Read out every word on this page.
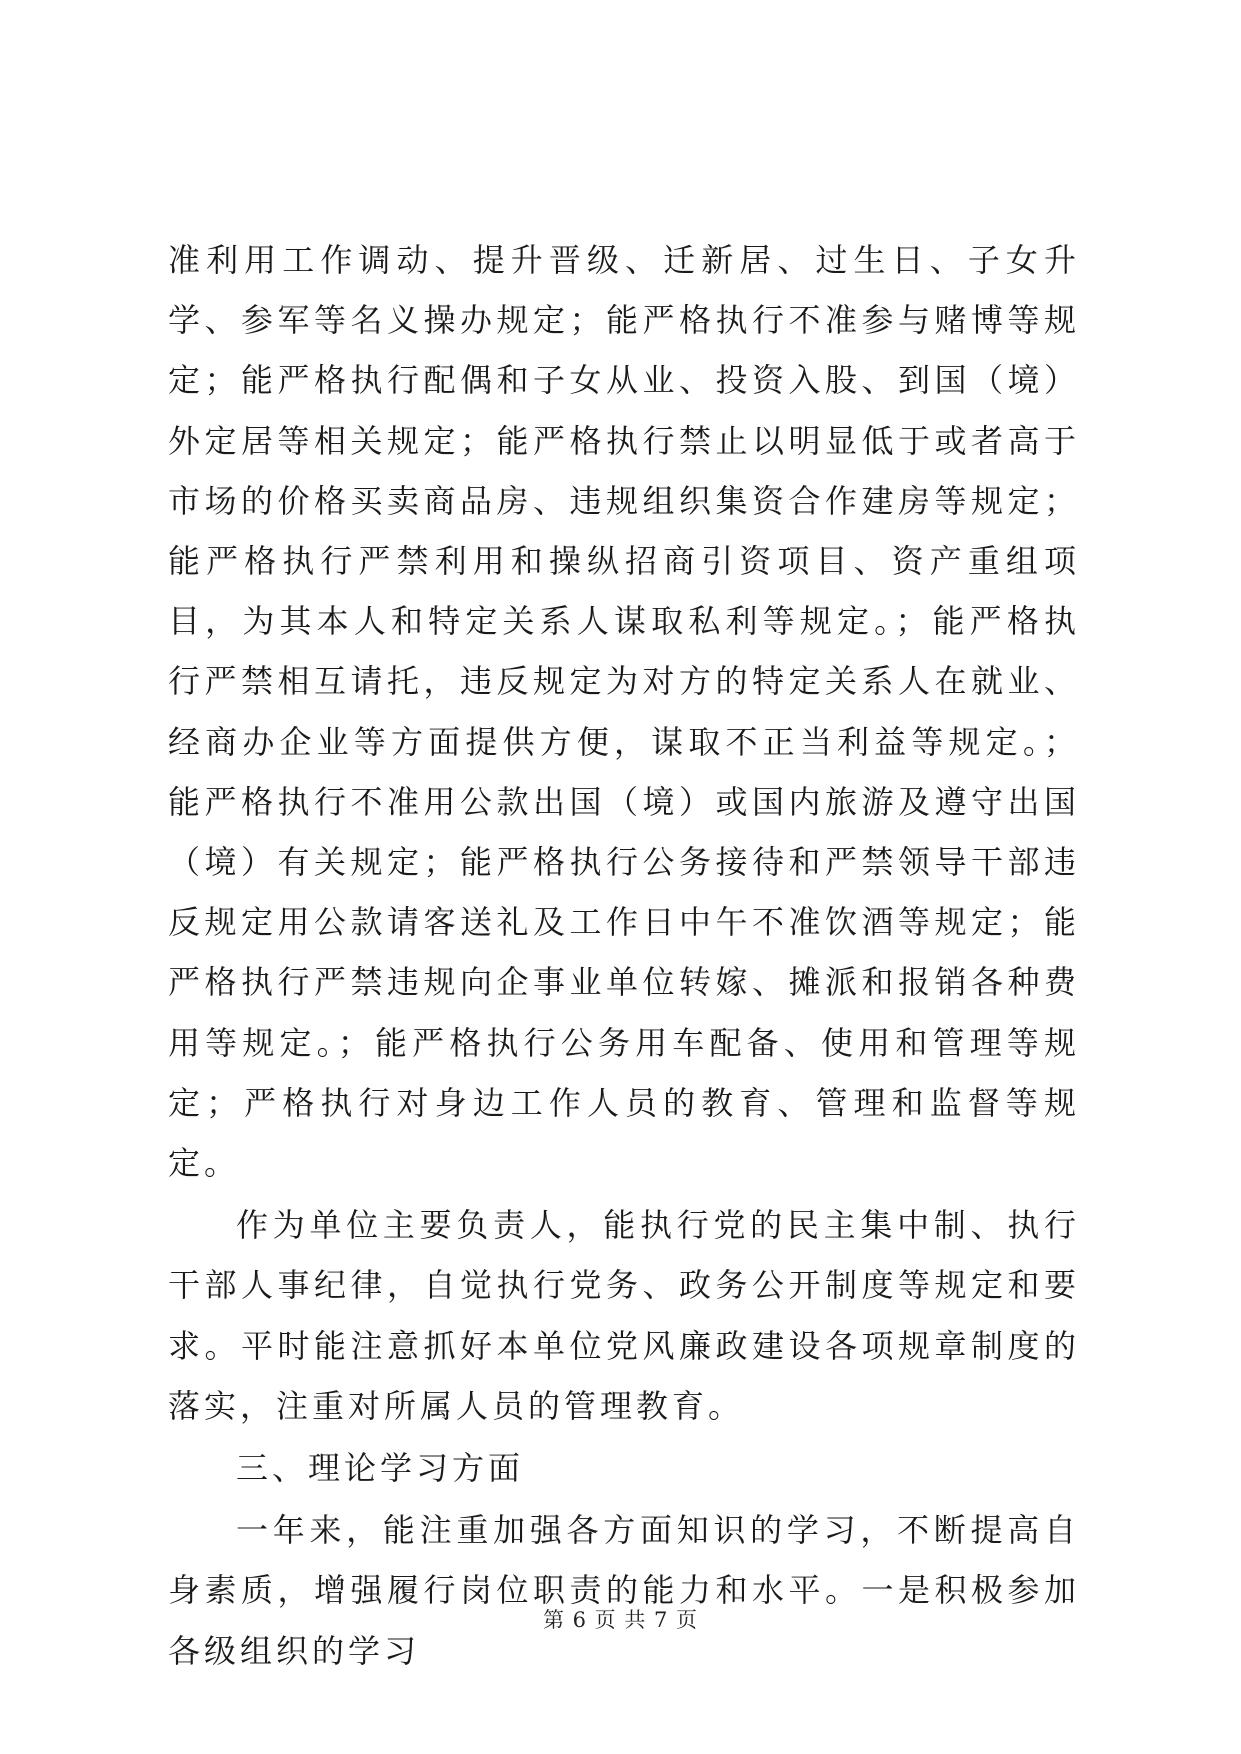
准利用工作调动、提升晋级、迁新居、过生日、子女升学、参军等名义操办规定；能严格执行不准参与赌博等规定；能严格执行配偶和子女从业、投资入股、到国（境）外定居等相关规定；能严格执行禁止以明显低于或者高于市场的价格买卖商品房、违规组织集资合作建房等规定；能严格执行严禁利用和操纵招商引资项目、资产重组项目，为其本人和特定关系人谋取私利等规定。；能严格执行严禁相互请托，违反规定为对方的特定关系人在就业、经商办企业等方面提供方便，谋取不正当利益等规定。；能严格执行不准用公款出国（境）或国内旅游及遵守出国（境）有关规定；能严格执行公务接待和严禁领导干部违反规定用公款请客送礼及工作日中午不准饮酒等规定；能严格执行严禁违规向企事业单位转嫁、摊派和报销各种费用等规定。；能严格执行公务用车配备、使用和管理等规定；严格执行对身边工作人员的教育、管理和监督等规定。

作为单位主要负责人，能执行党的民主集中制、执行干部人事纪律，自觉执行党务、政务公开制度等规定和要求。平时能注意抓好本单位党风廉政建设各项规章制度的落实，注重对所属人员的管理教育。

三、理论学习方面

一年来，能注重加强各方面知识的学习，不断提高自身素质，增强履行岗位职责的能力和水平。一是积极参加各级组织的学习

第 6 页 共 7 页
